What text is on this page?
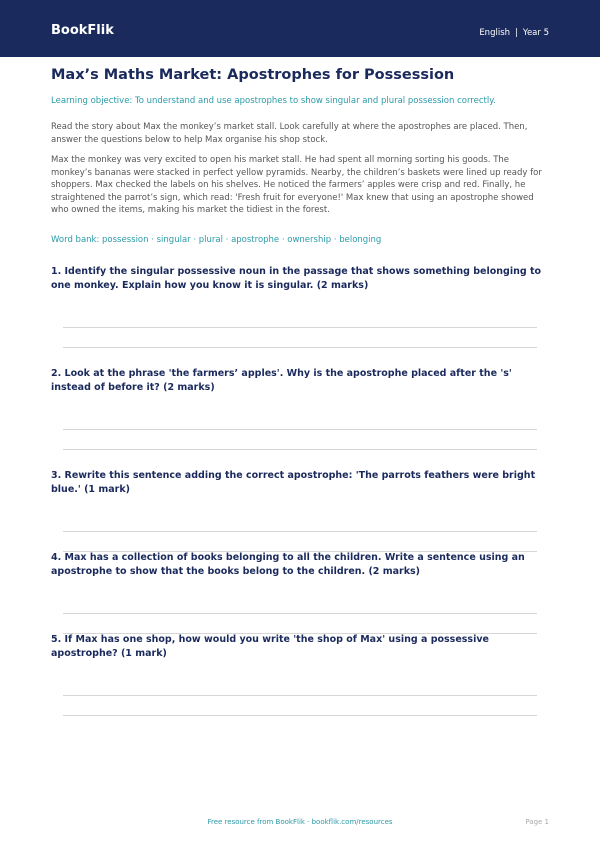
BookFlik	English | Year 5
Max’s Maths Market: Apostrophes for Possession
Learning objective: To understand and use apostrophes to show singular and plural possession correctly.

Read the story about Max the monkey’s market stall. Look carefully at where the apostrophes are placed. Then, answer the questions below to help Max organise his shop stock.

Max the monkey was very excited to open his market stall. He had spent all morning sorting his goods. The monkey’s bananas were stacked in perfect yellow pyramids. Nearby, the children’s baskets were lined up ready for shoppers. Max checked the labels on his shelves. He noticed the farmers’ apples were crisp and red. Finally, he straightened the parrot’s sign, which read: 'Fresh fruit for everyone!' Max knew that using an apostrophe showed who owned the items, making his market the tidiest in the forest.

Word bank: possession · singular · plural · apostrophe · ownership · belonging

1. Identify the singular possessive noun in the passage that shows something belonging to one monkey. Explain how you know it is singular. (2 marks)

2. Look at the phrase 'the farmers’ apples'. Why is the apostrophe placed after the 's' instead of before it? (2 marks)

3. Rewrite this sentence adding the correct apostrophe: 'The parrots feathers were bright blue.' (1 mark)

4. Max has a collection of books belonging to all the children. Write a sentence using an apostrophe to show that the books belong to the children. (2 marks)

5. If Max has one shop, how would you write 'the shop of Max' using a possessive apostrophe? (1 mark)

Free resource from BookFlik · bookflik.com/resources	Page 1
